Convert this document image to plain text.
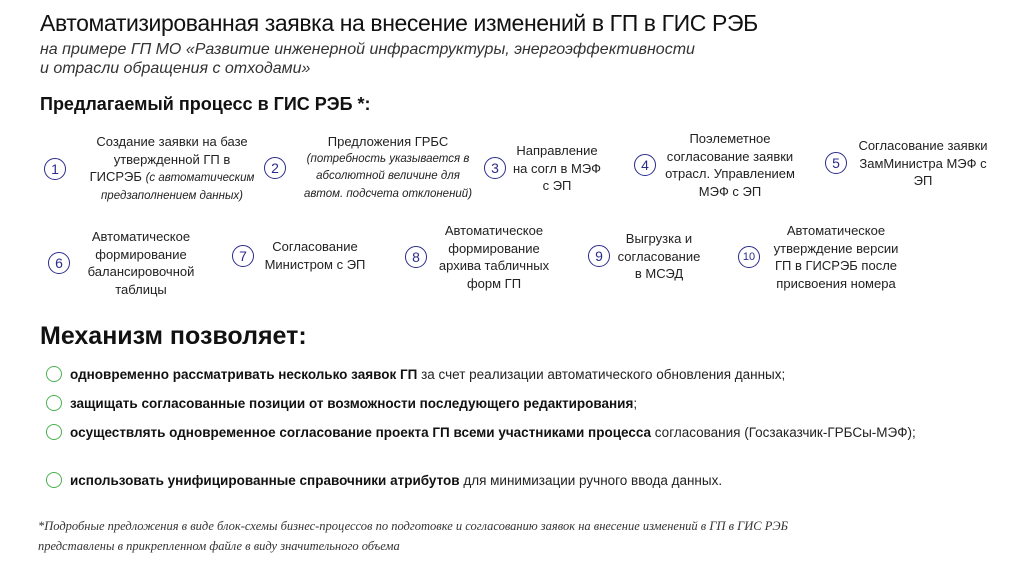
Автоматизированная заявка на внесение изменений в ГП в ГИС РЭБ
на примере ГП МО «Развитие инженерной инфраструктуры, энергоэффективности
и отрасли обращения с отходами»
Предлагаемый процесс в ГИС РЭБ *:
1
Создание заявки на базе
утвержденной ГП в
ГИСРЭБ (с автоматическим
предзаполнением данных)
2
Предложения ГРБС
(потребность указывается в
абсолютной величине для
автом. подсчета отклонений)
3
Направление
на согл в МЭФ
с ЭП
4
Поэлеметное
согласование заявки
отрасл. Управлением
МЭФ с ЭП
5
Согласование заявки
ЗамМинистра МЭФ с
ЭП
6
Автоматическое
формирование
балансировочной
таблицы
7
Согласование
Министром с ЭП	8
Автоматическое
формирование
архива табличных
форм ГП
9
Выгрузка и
согласование
в МСЭД
10
Автоматическое
утверждение версии
ГП в ГИСРЭБ после
присвоения номера
Механизм позволяет:
одновременно рассматривать несколько заявок ГП за счет реализации автоматического обновления данных;
защищать согласованные позиции от возможности последующего редактирования;
осуществлять одновременное согласование проекта ГП всеми участниками процесса согласования (Госзаказчик-ГРБСы-МЭФ);
использовать унифицированные справочники атрибутов для минимизации ручного ввода данных.
*Подробные предложения в виде блок-схемы бизнес-процессов по подготовке и согласованию заявок на внесение изменений в ГП в ГИС РЭБ
представлены в прикрепленном файле в виду значительного объема
